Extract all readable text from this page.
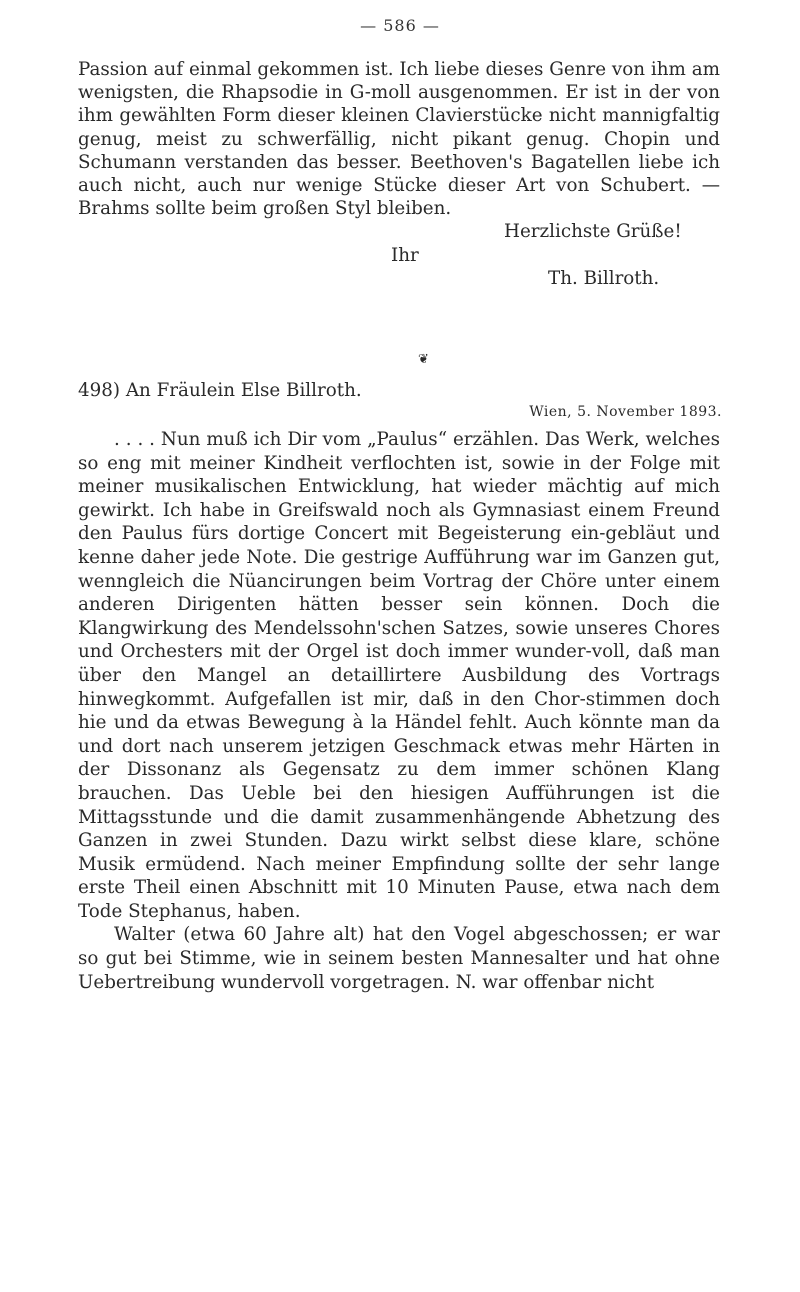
— 586 —

Passion auf einmal gekommen ist. Ich liebe dieses Genre von ihm am wenigsten, die Rhapsodie in G-moll ausgenommen. Er ist in der von ihm gewählten Form dieser kleinen Clavierstücke nicht mannigfaltig genug, meist zu schwerfällig, nicht pikant genug. Chopin und Schumann verstanden das besser. Beethoven's Bagatellen liebe ich auch nicht, auch nur wenige Stücke dieser Art von Schubert. — Brahms sollte beim großen Styl bleiben.

Herzlichste Grüße!

Ihr

Th. Billroth.

❦

498) An Fräulein Else Billroth.

Wien, 5. November 1893.

. . . . Nun muß ich Dir vom „Paulus“ erzählen. Das Werk, welches so eng mit meiner Kindheit verflochten ist, sowie in der Folge mit meiner musikalischen Entwicklung, hat wieder mächtig auf mich gewirkt. Ich habe in Greifswald noch als Gymnasiast einem Freund den Paulus fürs dortige Concert mit Begeisterung ein-gebläut und kenne daher jede Note. Die gestrige Aufführung war im Ganzen gut, wenngleich die Nüancirungen beim Vortrag der Chöre unter einem anderen Dirigenten hätten besser sein können. Doch die Klangwirkung des Mendelssohn'schen Satzes, sowie unseres Chores und Orchesters mit der Orgel ist doch immer wunder-voll, daß man über den Mangel an detaillirtere Ausbildung des Vortrags hinwegkommt. Aufgefallen ist mir, daß in den Chor-stimmen doch hie und da etwas Bewegung à la Händel fehlt. Auch könnte man da und dort nach unserem jetzigen Geschmack etwas mehr Härten in der Dissonanz als Gegensatz zu dem immer schönen Klang brauchen. Das Ueble bei den hiesigen Aufführungen ist die Mittagsstunde und die damit zusammenhängende Abhetzung des Ganzen in zwei Stunden. Dazu wirkt selbst diese klare, schöne Musik ermüdend. Nach meiner Empfindung sollte der sehr lange erste Theil einen Abschnitt mit 10 Minuten Pause, etwa nach dem Tode Stephanus, haben.

Walter (etwa 60 Jahre alt) hat den Vogel abgeschossen; er war so gut bei Stimme, wie in seinem besten Mannesalter und hat ohne Uebertreibung wundervoll vorgetragen. N. war offenbar nicht
